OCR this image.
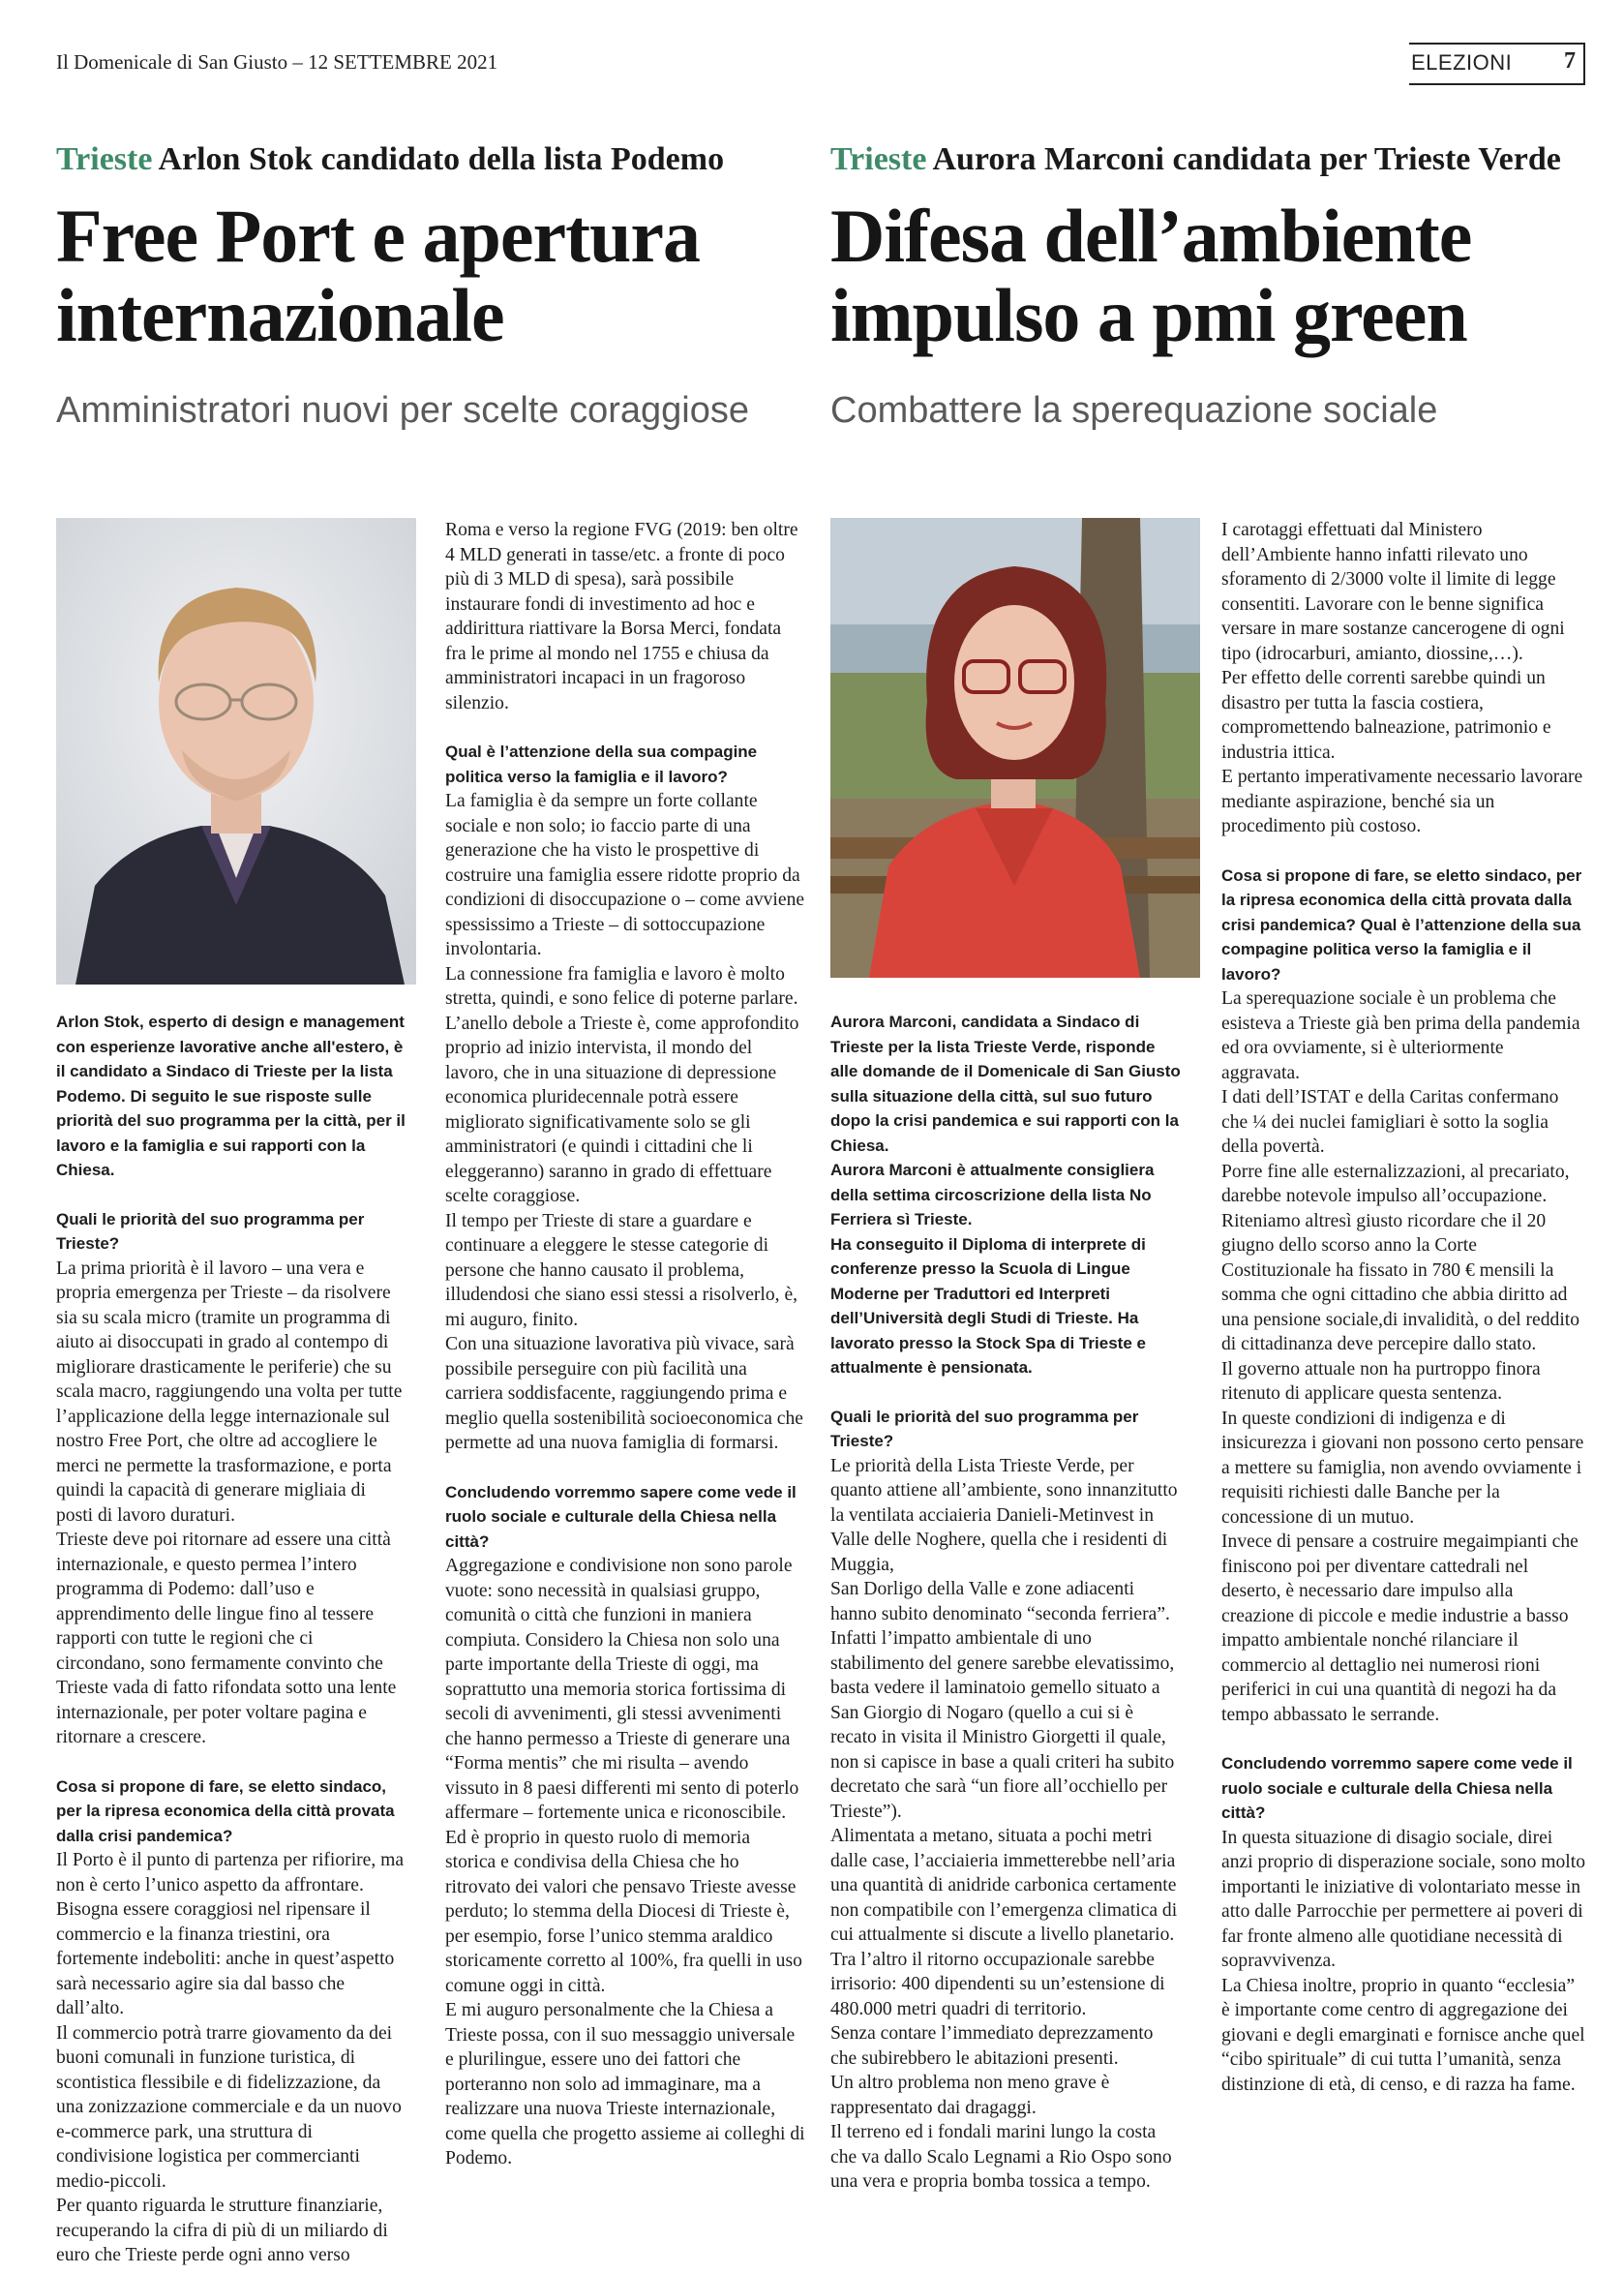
Il Domenicale di San Giusto – 12 SETTEMBRE 2021	ELEZIONI 7
Trieste Arlon Stok candidato della lista Podemo
Free Port e apertura internazionale
Amministratori nuovi per scelte coraggiose
Trieste Aurora Marconi candidata per Trieste Verde
Difesa dell’ambiente impulso a pmi green
Combattere la sperequazione sociale

Arlon Stok, esperto di design e management con esperienze lavorative anche all'estero, è il candidato a Sindaco di Trieste per la lista Podemo. Di seguito le sue risposte sulle priorità del suo programma per la città, per il lavoro e la famiglia e sui rapporti con la Chiesa.

Quali le priorità del suo programma per Trieste?

La prima priorità è il lavoro – una vera e propria emergenza per Trieste – da risolvere sia su scala micro (tramite un programma di aiuto ai disoccupati in grado al contempo di migliorare drasticamente le periferie) che su scala macro, raggiungendo una volta per tutte l’applicazione della legge internazionale sul nostro Free Port, che oltre ad accogliere le merci ne permette la trasformazione, e porta quindi la capacità di generare migliaia di posti di lavoro duraturi.

Trieste deve poi ritornare ad essere una città internazionale, e questo permea l’intero programma di Podemo: dall’uso e apprendimento delle lingue fino al tessere rapporti con tutte le regioni che ci circondano, sono fermamente convinto che Trieste vada di fatto rifondata sotto una lente internazionale, per poter voltare pagina e ritornare a crescere.

Cosa si propone di fare, se eletto sindaco, per la ripresa economica della città provata dalla crisi pandemica?

Il Porto è il punto di partenza per rifiorire, ma non è certo l’unico aspetto da affrontare.

Bisogna essere coraggiosi nel ripensare il commercio e la finanza triestini, ora fortemente indeboliti: anche in quest’aspetto sarà necessario agire sia dal basso che dall’alto.

Il commercio potrà trarre giovamento da dei buoni comunali in funzione turistica, di scontistica flessibile e di fidelizzazione, da una zonizzazione commerciale e da un nuovo e-commerce park, una struttura di condivisione logistica per commercianti medio-piccoli.

Per quanto riguarda le strutture finanziarie, recuperando la cifra di più di un miliardo di euro che Trieste perde ogni anno verso

Roma e verso la regione FVG (2019: ben oltre 4 MLD generati in tasse/etc. a fronte di poco più di 3 MLD di spesa), sarà possibile instaurare fondi di investimento ad hoc e addirittura riattivare la Borsa Merci, fondata fra le prime al mondo nel 1755 e chiusa da amministratori incapaci in un fragoroso silenzio.

Qual è l’attenzione della sua compagine politica verso la famiglia e il lavoro?

La famiglia è da sempre un forte collante sociale e non solo; io faccio parte di una generazione che ha visto le prospettive di costruire una famiglia essere ridotte proprio da condizioni di disoccupazione o – come avviene spessissimo a Trieste – di sottoccupazione involontaria.

La connessione fra famiglia e lavoro è molto stretta, quindi, e sono felice di poterne parlare.

L’anello debole a Trieste è, come approfondito proprio ad inizio intervista, il mondo del lavoro, che in una situazione di depressione economica pluridecennale potrà essere migliorato significativamente solo se gli amministratori (e quindi i cittadini che li eleggeranno) saranno in grado di effettuare scelte coraggiose.

Il tempo per Trieste di stare a guardare e continuare a eleggere le stesse categorie di persone che hanno causato il problema, illudendosi che siano essi stessi a risolverlo, è, mi auguro, finito.

Con una situazione lavorativa più vivace, sarà possibile perseguire con più facilità una carriera soddisfacente, raggiungendo prima e meglio quella sostenibilità socioeconomica che permette ad una nuova famiglia di formarsi.

Concludendo vorremmo sapere come vede il ruolo sociale e culturale della Chiesa nella città?

Aggregazione e condivisione non sono parole vuote: sono necessità in qualsiasi gruppo, comunità o città che funzioni in maniera compiuta. Considero la Chiesa non solo una parte importante della Trieste di oggi, ma soprattutto una memoria storica fortissima di secoli di avvenimenti, gli stessi avvenimenti che hanno permesso a Trieste di generare una “Forma mentis” che mi risulta – avendo vissuto in 8 paesi differenti mi sento di poterlo affermare – fortemente unica e riconoscibile.

Ed è proprio in questo ruolo di memoria storica e condivisa della Chiesa che ho ritrovato dei valori che pensavo Trieste avesse perduto; lo stemma della Diocesi di Trieste è, per esempio, forse l’unico stemma araldico storicamente corretto al 100%, fra quelli in uso comune oggi in città.

E mi auguro personalmente che la Chiesa a Trieste possa, con il suo messaggio universale e plurilingue, essere uno dei fattori che porteranno non solo ad immaginare, ma a realizzare una nuova Trieste internazionale, come quella che progetto assieme ai colleghi di Podemo.

Aurora Marconi, candidata a Sindaco di Trieste per la lista Trieste Verde, risponde alle domande de il Domenicale di San Giusto sulla situazione della città, sul suo futuro dopo la crisi pandemica e sui rapporti con la Chiesa.

Aurora Marconi è attualmente consigliera della settima circoscrizione della lista No Ferriera sì Trieste.

Ha conseguito il Diploma di interprete di conferenze presso la Scuola di Lingue Moderne per Traduttori ed Interpreti dell’Università degli Studi di Trieste. Ha lavorato presso la Stock Spa di Trieste e attualmente è pensionata.

Quali le priorità del suo programma per Trieste?

Le priorità della Lista Trieste Verde, per quanto attiene all’ambiente, sono innanzitutto la ventilata acciaieria Danieli-Metinvest in Valle delle Noghere, quella che i residenti di Muggia,

San Dorligo della Valle e zone adiacenti hanno subito denominato “seconda ferriera”. Infatti l’impatto ambientale di uno stabilimento del genere sarebbe elevatissimo, basta vedere il laminatoio gemello situato a San Giorgio di Nogaro (quello a cui si è recato in visita il Ministro Giorgetti il quale, non si capisce in base a quali criteri ha subito decretato che sarà “un fiore all’occhiello per Trieste”).

Alimentata a metano, situata a pochi metri dalle case, l’acciaieria immetterebbe nell’aria una quantità di anidride carbonica certamente non compatibile con l’emergenza climatica di cui attualmente si discute a livello planetario.

Tra l’altro il ritorno occupazionale sarebbe irrisorio: 400 dipendenti su un’estensione di 480.000 metri quadri di territorio.

Senza contare l’immediato deprezzamento che subirebbero le abitazioni presenti.

Un altro problema non meno grave è rappresentato dai dragaggi.

Il terreno ed i fondali marini lungo la costa che va dallo Scalo Legnami a Rio Ospo sono una vera e propria bomba tossica a tempo.

I carotaggi effettuati dal Ministero dell’Ambiente hanno infatti rilevato uno sforamento di 2/3000 volte il limite di legge consentiti. Lavorare con le benne significa versare in mare sostanze cancerogene di ogni tipo (idrocarburi, amianto, diossine,…).

Per effetto delle correnti sarebbe quindi un disastro per tutta la fascia costiera, compromettendo balneazione, patrimonio e industria ittica.

E pertanto imperativamente necessario lavorare mediante aspirazione, benché sia un procedimento più costoso.

Cosa si propone di fare, se eletto sindaco, per la ripresa economica della città provata dalla crisi pandemica? Qual è l’attenzione della sua compagine politica verso la famiglia e il lavoro?

La sperequazione sociale è un problema che esisteva a Trieste già ben prima della pandemia ed ora ovviamente, si è ulteriormente aggravata.

I dati dell’ISTAT e della Caritas confermano che ¼ dei nuclei famigliari è sotto la soglia della povertà.

Porre fine alle esternalizzazioni, al precariato, darebbe notevole impulso all’occupazione.

Riteniamo altresì giusto ricordare che il 20 giugno dello scorso anno la Corte Costituzionale ha fissato in 780 € mensili la somma che ogni cittadino che abbia diritto ad una pensione sociale,di invalidità, o del reddito di cittadinanza deve percepire dallo stato.

Il governo attuale non ha purtroppo finora ritenuto di applicare questa sentenza.

In queste condizioni di indigenza e di insicurezza i giovani non possono certo pensare a mettere su famiglia, non avendo ovviamente i requisiti richiesti dalle Banche per la concessione di un mutuo.

Invece di pensare a costruire megaimpianti che finiscono poi per diventare cattedrali nel deserto, è necessario dare impulso alla creazione di piccole e medie industrie a basso impatto ambientale nonché rilanciare il commercio al dettaglio nei numerosi rioni periferici in cui una quantità di negozi ha da tempo abbassato le serrande.

Concludendo vorremmo sapere come vede il ruolo sociale e culturale della Chiesa nella città?

In questa situazione di disagio sociale, direi anzi proprio di disperazione sociale, sono molto importanti le iniziative di volontariato messe in atto dalle Parrocchie per permettere ai poveri di far fronte almeno alle quotidiane necessità di sopravvivenza.

La Chiesa inoltre, proprio in quanto “ecclesia” è importante come centro di aggregazione dei giovani e degli emarginati e fornisce anche quel “cibo spirituale” di cui tutta l’umanità, senza distinzione di età, di censo, e di razza ha fame.
